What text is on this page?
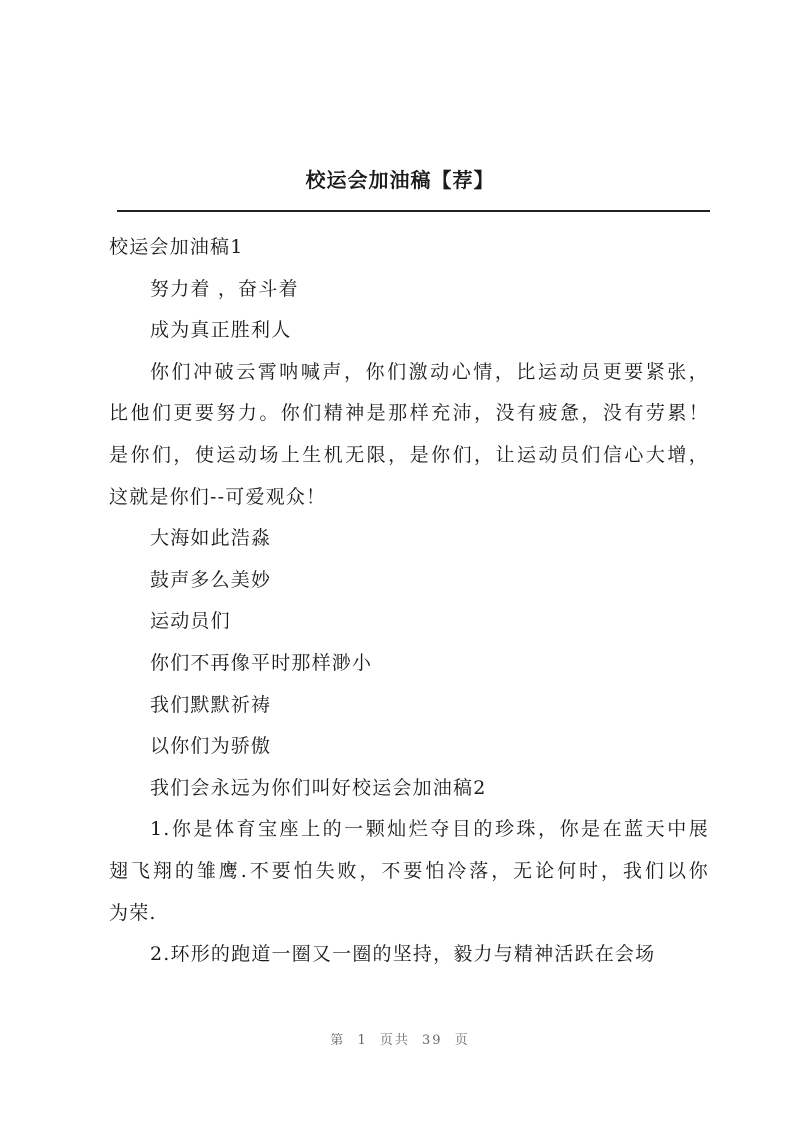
校运会加油稿【荐】
校运会加油稿1
努力着 ，奋斗着
成为真正胜利人
你们冲破云霄呐喊声，你们激动心情，比运动员更要紧张，
比他们更要努力。你们精神是那样充沛，没有疲惫，没有劳累！
是你们，使运动场上生机无限，是你们，让运动员们信心大增，
这就是你们--可爱观众！
大海如此浩淼
鼓声多么美妙
运动员们
你们不再像平时那样渺小
我们默默祈祷
以你们为骄傲
我们会永远为你们叫好校运会加油稿2
1.你是体育宝座上的一颗灿烂夺目的珍珠，你是在蓝天中展
翅飞翔的雏鹰.不要怕失败，不要怕冷落，无论何时，我们以你
为荣.
2.环形的跑道一圈又一圈的坚持，毅力与精神活跃在会场
第 1 页共 39 页
